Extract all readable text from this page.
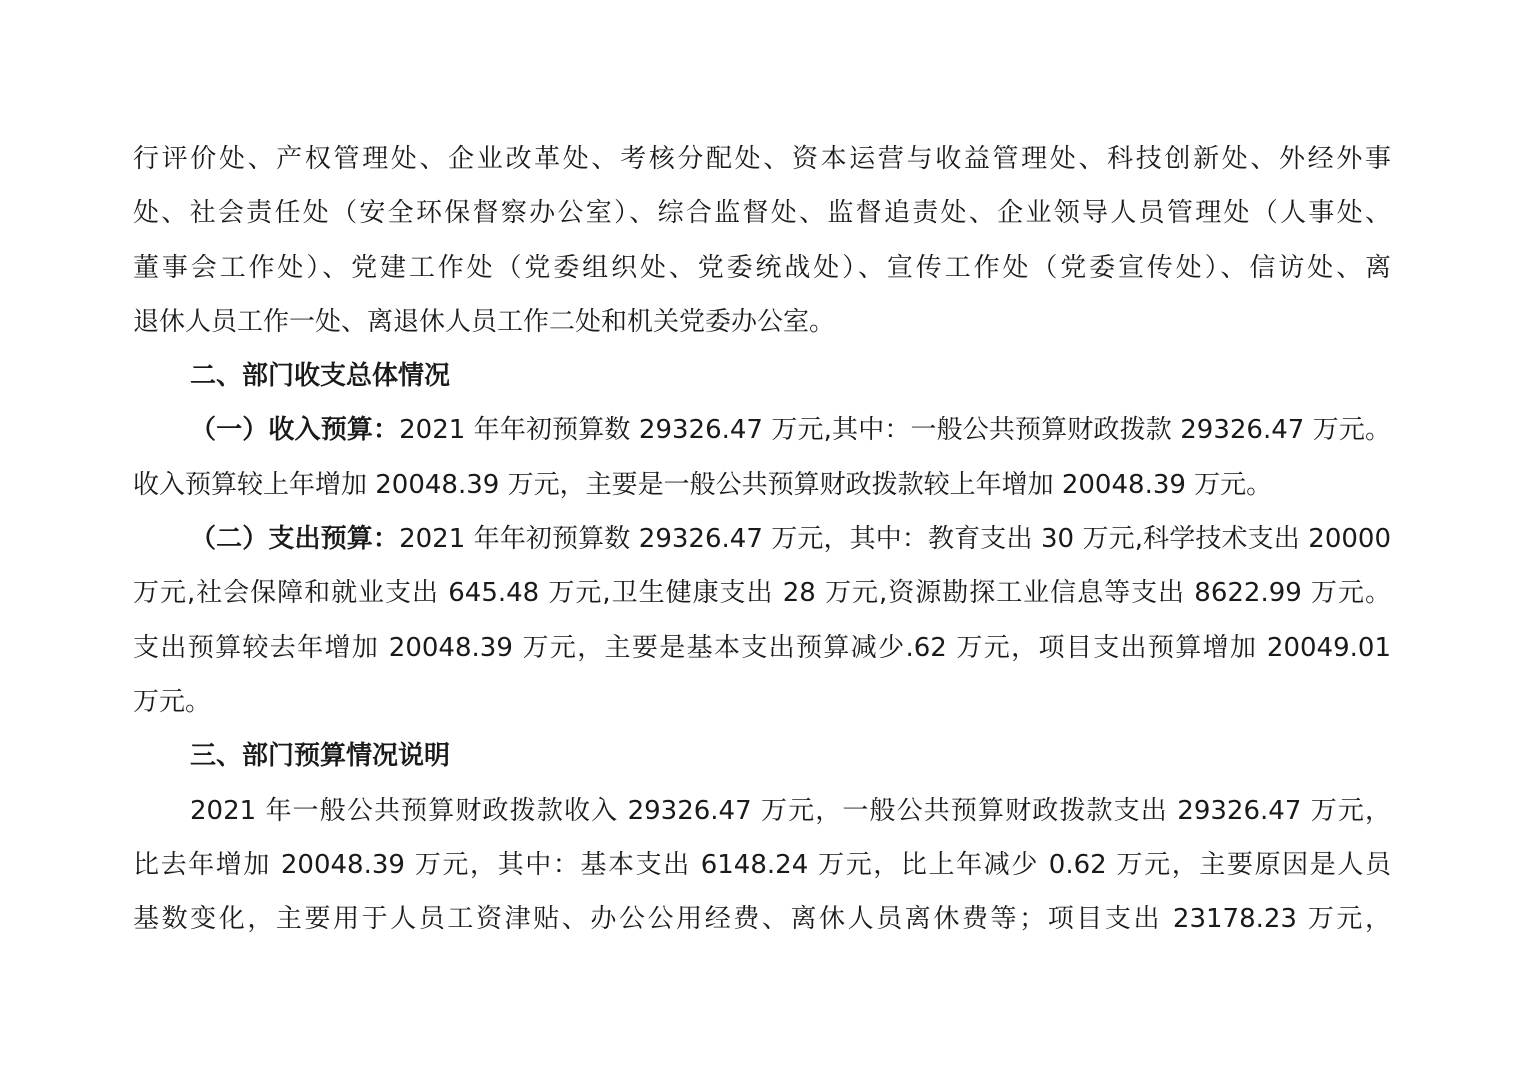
行评价处、产权管理处、企业改革处、考核分配处、资本运营与收益管理处、科技创新处、外经外事
处、社会责任处（安全环保督察办公室）、综合监督处、监督追责处、企业领导人员管理处（人事处、
董事会工作处）、党建工作处（党委组织处、党委统战处）、宣传工作处（党委宣传处）、信访处、离
退休人员工作一处、离退休人员工作二处和机关党委办公室。
二、部门收支总体情况
（一）收入预算：2021 年年初预算数 29326.47 万元,其中：一般公共预算财政拨款 29326.47 万元。
收入预算较上年增加 20048.39 万元，主要是一般公共预算财政拨款较上年增加 20048.39 万元。
（二）支出预算：2021 年年初预算数 29326.47 万元，其中：教育支出 30 万元,科学技术支出 20000
万元,社会保障和就业支出 645.48 万元,卫生健康支出 28 万元,资源勘探工业信息等支出 8622.99 万元。
支出预算较去年增加 20048.39 万元，主要是基本支出预算减少.62 万元，项目支出预算增加 20049.01
万元。
三、部门预算情况说明
2021 年一般公共预算财政拨款收入 29326.47 万元，一般公共预算财政拨款支出 29326.47 万元，
比去年增加 20048.39 万元，其中：基本支出 6148.24 万元，比上年减少 0.62 万元，主要原因是人员
基数变化，主要用于人员工资津贴、办公公用经费、离休人员离休费等；项目支出 23178.23 万元，
